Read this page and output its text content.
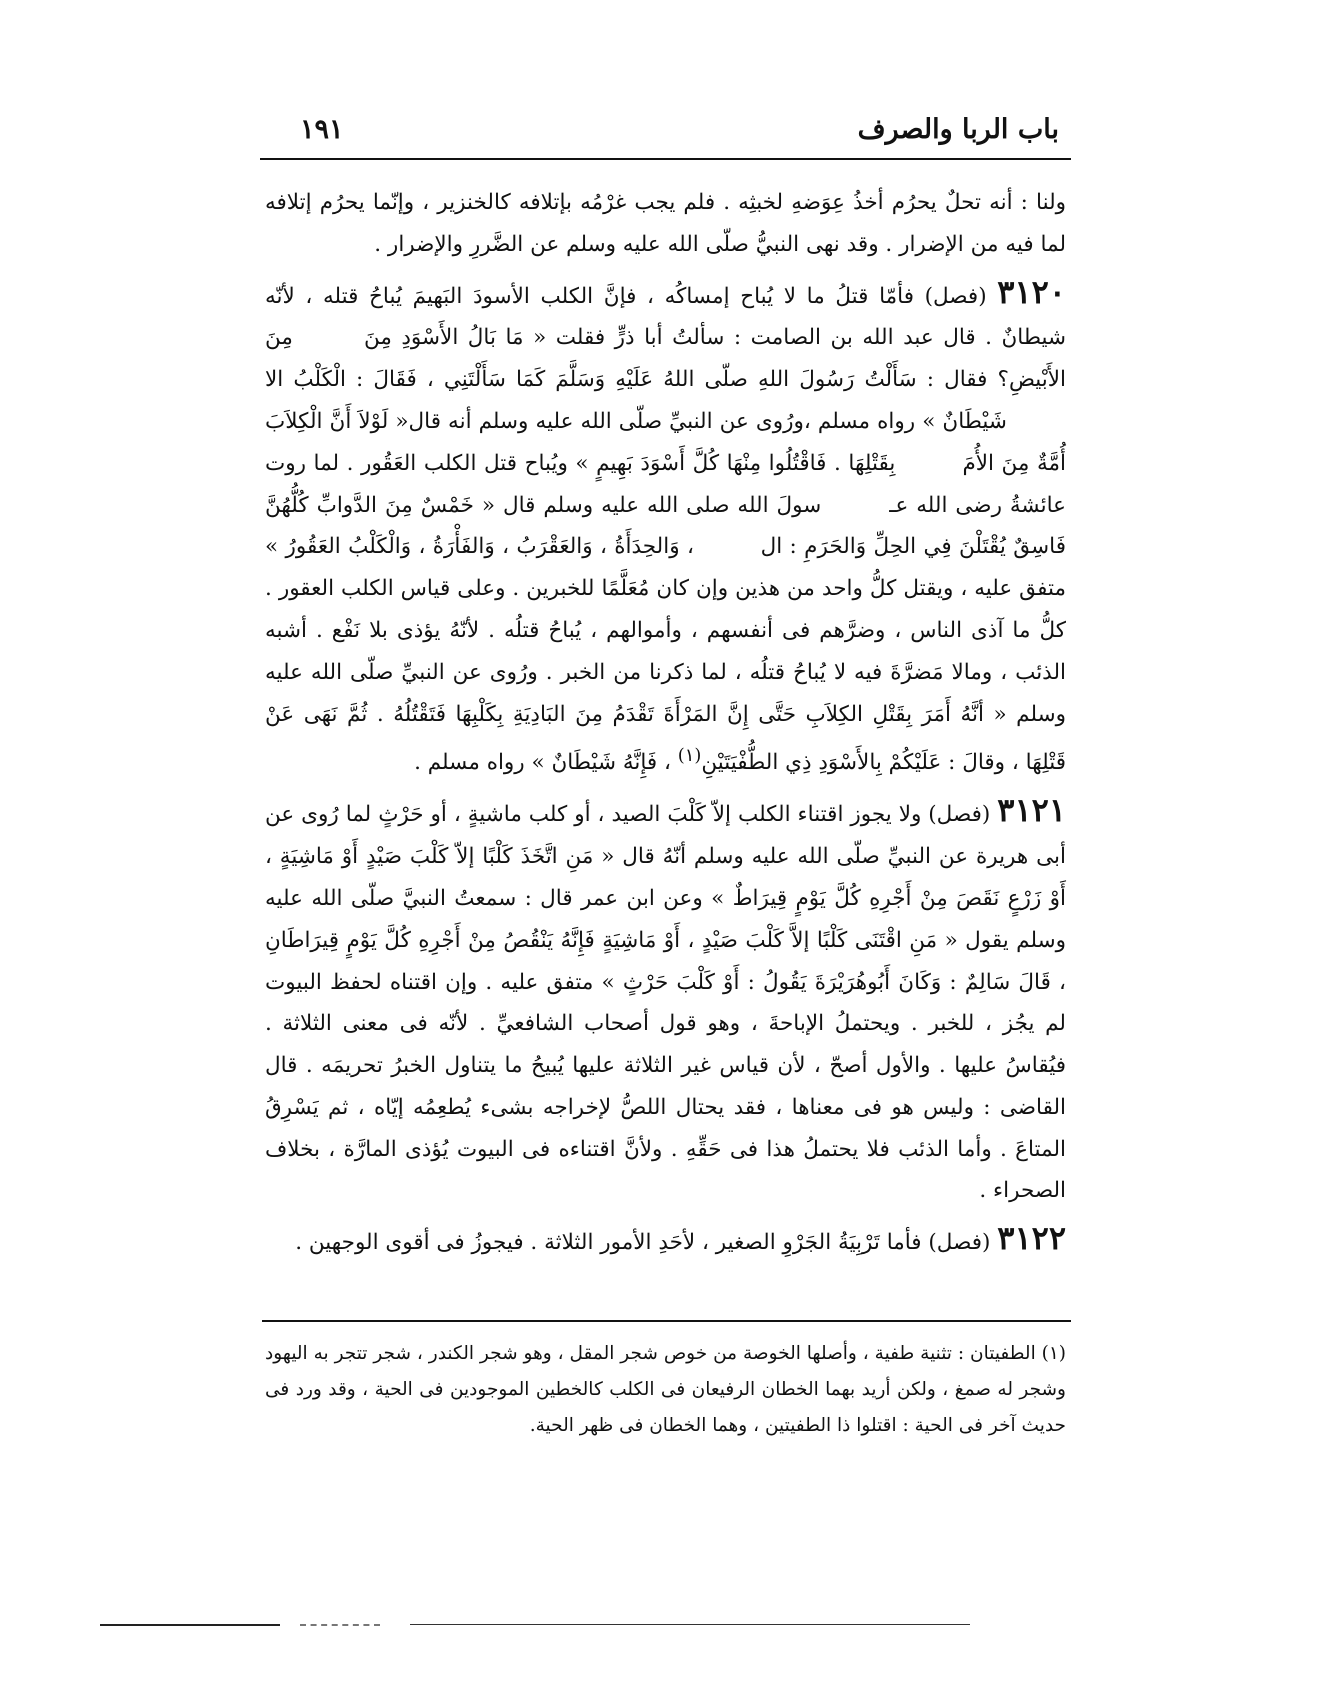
باب الربا والصرف
١٩١

ولنا : أنه تحلٌ يحرُم أخذُ عِوَضهِ لخبثِه . فلم يجب غرْمُه بإتلافه كالخنزير ، وإنّما يحرُم إتلافه لما فيه من الإضرار . وقد نهى النبيُّ صلّى الله عليه وسلم عن الضَّررِ والإضرار .

٣١٢٠ (فصل) فأمّا قتلُ ما لا يُباح إمساكُه ، فإنَّ الكلب الأسودَ البَهيمَ يُباحُ قتله ، لأنّه شيطانٌ . قال عبد الله بن الصامت : سألتُ أبا ذرٍّ فقلت « مَا بَالُ الأَسْوَدِ مِنَ  مِنَ الأَبْيضِ؟ فقال : سَأَلْتُ رَسُولَ اللهِ صلّى اللهُ عَلَيْهِ وَسَلَّمَ كَمَا سَأَلْتَنِي ، فَقَالَ : الْكَلْبُ الا  شَيْطَانٌ » رواه مسلم ،ورُوى عن النبيِّ صلّى الله عليه وسلم أنه قال« لَوْلاَ أَنَّ الْكِلاَبَ أُمَّةٌ مِنَ الأُمَ  بِقَتْلِهَا . فَاقْتُلُوا مِنْهَا كُلَّ أَسْوَدَ بَهِيمٍ » ويُباح قتل الكلب العَقُور . لما روت عائشةُ رضى الله عـ  سولَ الله صلى الله عليه وسلم قال « خَمْسٌ مِنَ الدَّوابِّ كُلُّهُنَّ فَاسِقٌ يُقْتَلْنَ فِي الحِلِّ وَالحَرَمِ : ال  ، وَالحِدَأَةُ ، وَالعَقْرَبُ ، وَالفَأْرَةُ ، وَالْكَلْبُ العَقُورُ » متفق عليه ، ويقتل كلُّ واحد من هذين وإن كان مُعَلَّمًا للخبرين . وعلى قياس الكلب العقور . كلُّ ما آذى الناس ، وضرَّهم فى أنفسهم ، وأموالهم ، يُباحُ قتلُه . لأنّهُ يؤذى بلا نَفْع . أشبه الذئب ، ومالا مَضرَّةَ فيه لا يُباحُ قتلُه ، لما ذكرنا من الخبر . ورُوى عن النبيِّ صلّى الله عليه وسلم « أنَّهُ أَمَرَ بِقَتْلِ الكِلاَبِ حَتَّى إِنَّ المَرْأَةَ تَقْدَمُ مِنَ البَادِيَةِ بِكَلْبِهَا فَتَقْتُلُهُ . ثُمَّ نَهَى عَنْ قَتْلِهَا ، وقالَ : عَلَيْكُمْ بِالأَسْوَدِ ذِي الطُّفْيَتَيْنِ$^{(١)}$ ، فَإِنَّهُ شَيْطَانٌ » رواه مسلم .

٣١٢١ (فصل) ولا يجوز اقتناء الكلب إلاّ كَلْبَ الصيد ، أو كلب ماشيةٍ ، أو حَرْثٍ لما رُوى عن أبى هريرة عن النبيِّ صلّى الله عليه وسلم أنّهُ قال « مَنِ اتَّخَذَ كَلْبًا إلاّ كَلْبَ صَيْدٍ أَوْ مَاشِيَةٍ ، أَوْ زَرْعٍ نَقَصَ مِنْ أَجْرِهِ كُلَّ يَوْمٍ قِيرَاطٌ » وعن ابن عمر قال : سمعتُ النبيَّ صلّى الله عليه وسلم يقول « مَنِ اقْتَنَى كَلْبًا إلاَّ كَلْبَ صَيْدٍ ، أَوْ مَاشِيَةٍ فَإِنَّهُ يَنْقُصُ مِنْ أَجْرِهِ كُلَّ يَوْمٍ قِيرَاطَانِ ، قَالَ سَالِمٌ : وَكَانَ أَبُوهُرَيْرَةَ يَقُولُ : أَوْ كَلْبَ حَرْثٍ » متفق عليه . وإن اقتناه لحفظ البيوت لم يجُز ، للخبر . ويحتملُ الإباحةَ ، وهو قول أصحاب الشافعيِّ . لأنّه فى معنى الثلاثة . فيُقاسُ عليها . والأول أصحّ ، لأن قياس غير الثلاثة عليها يُبيحُ ما يتناول الخبرُ تحريمَه . قال القاضى : وليس هو فى معناها ، فقد يحتال اللصُّ لإخراجه بشىء يُطعِمُه إيّاه ، ثم يَسْرِقُ المتاعَ . وأما الذئب فلا يحتملُ هذا فى حَقِّهِ . ولأنَّ اقتناءه فى البيوت يُؤذى المارَّة ، بخلاف الصحراء .

٣١٢٢ (فصل) فأما تَرْبِيَةُ الجَرْوِ الصغير ، لأحَدِ الأمور الثلاثة . فيجوزُ فى أقوى الوجهين .

(١) الطفيتان : تثنية طفية ، وأصلها الخوصة من خوص شجر المقل ، وهو شجر الكندر ، شجر تتجر به اليهود وشجر له صمغ ، ولكن أريد بهما الخطان الرفيعان فى الكلب كالخطين الموجودين فى الحية ، وقد ورد فى حديث آخر فى الحية : اقتلوا ذا الطفيتين ، وهما الخطان فى ظهر الحية.
